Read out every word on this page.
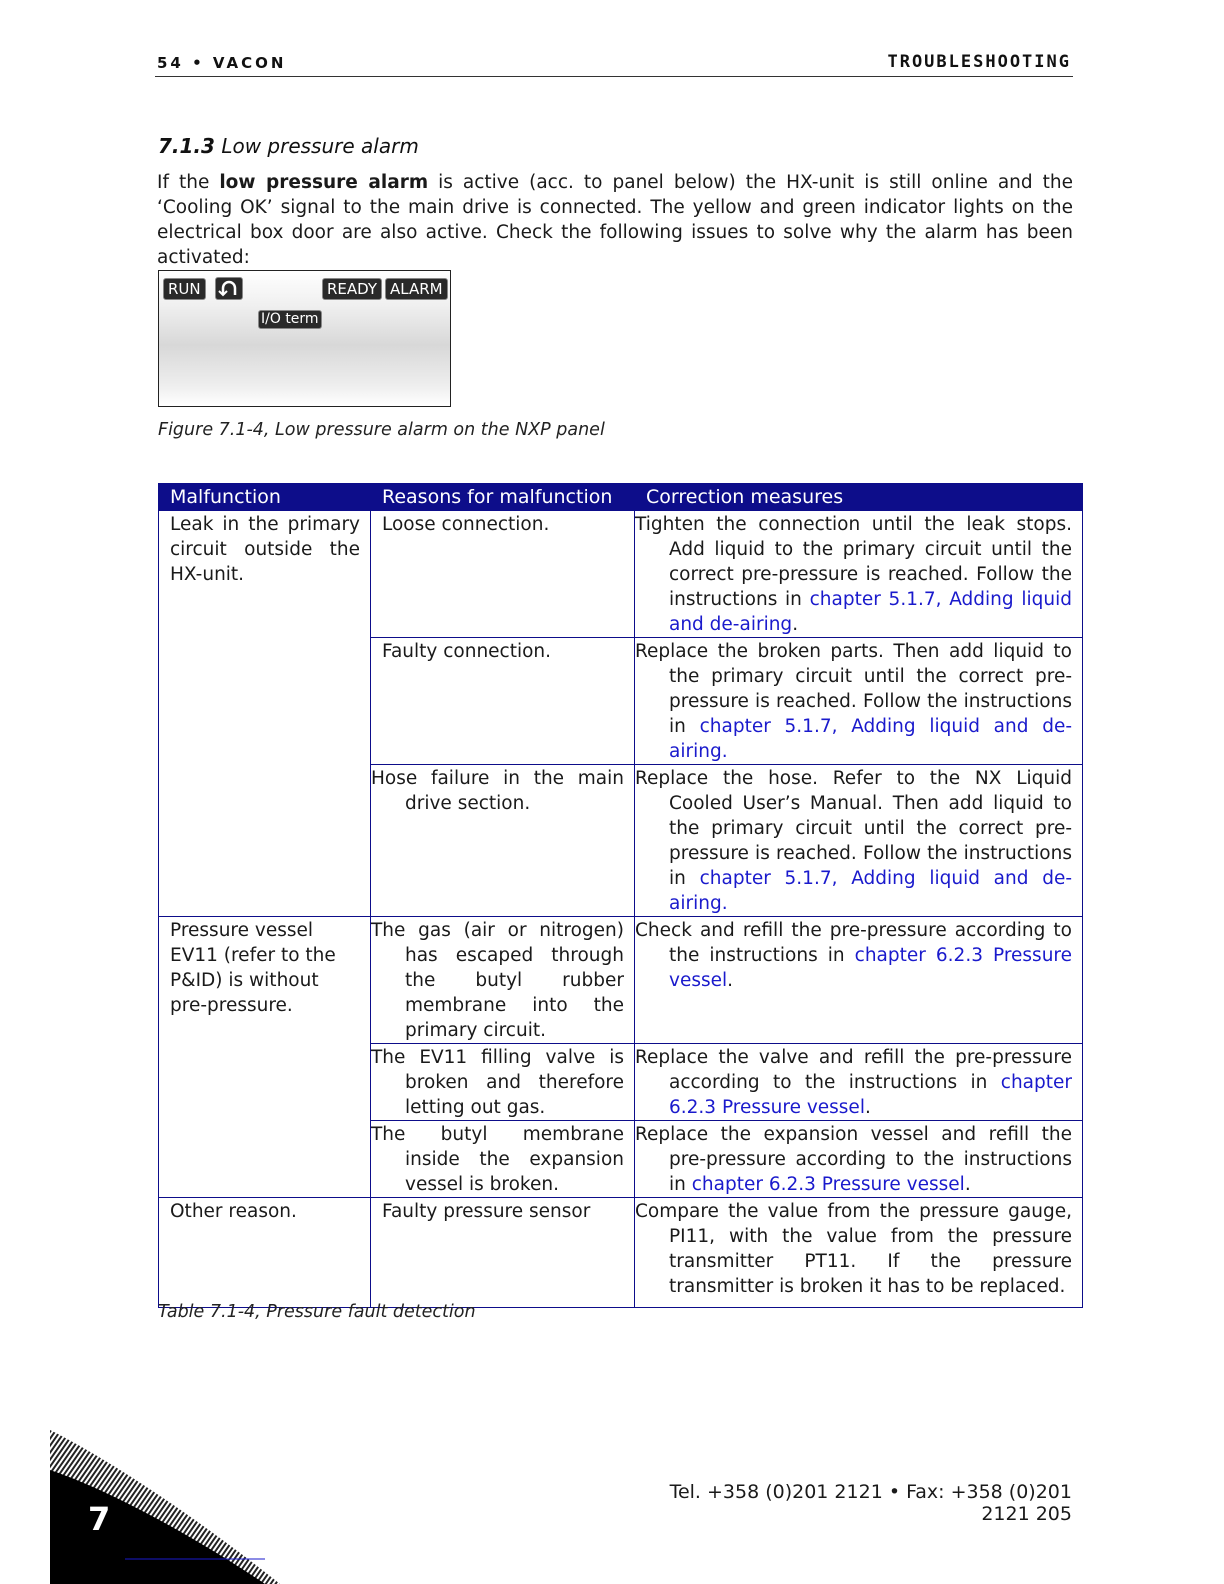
54 • VACON	TROUBLESHOOTING
7.1.3 Low pressure alarm
If the low pressure alarm is active (acc. to panel below) the HX-unit is still online and the ‘Cooling OK’ signal to the main drive is connected. The yellow and green indicator lights on the electrical box door are also active. Check the following issues to solve why the alarm has been activated:
RUN	READY ALARM
I/O term
Figure 7.1-4, Low pressure alarm on the NXP panel
Malfunction	Reasons for malfunction	Correction measures
Leak in the primary circuit outside the HX-unit.	Loose connection.	Tighten the connection until the leak stops. Add liquid to the primary circuit until the correct pre-pressure is reached. Follow the instructions in chapter 5.1.7, Adding liquid and de-airing.
	Faulty connection.	Replace the broken parts. Then add liquid to the primary circuit until the correct pre-pressure is reached. Follow the instructions in chapter 5.1.7, Adding liquid and de-airing.
	Hose failure in the main drive section.	Replace the hose. Refer to the NX Liquid Cooled User’s Manual. Then add liquid to the primary circuit until the correct pre-pressure is reached. Follow the instructions in chapter 5.1.7, Adding liquid and de-airing.
Pressure vessel EV11 (refer to the P&ID) is without pre-pressure.	The gas (air or nitrogen) has escaped through the butyl rubber membrane into the primary circuit.	Check and refill the pre-pressure according to the instructions in chapter 6.2.3 Pressure vessel.
	The EV11 filling valve is broken and therefore letting out gas.	Replace the valve and refill the pre-pressure according to the instructions in chapter 6.2.3 Pressure vessel.
	The butyl membrane inside the expansion vessel is broken.	Replace the expansion vessel and refill the pre-pressure according to the instructions in chapter 6.2.3 Pressure vessel.
Other reason.	Faulty pressure sensor	Compare the value from the pressure gauge, PI11, with the value from the pressure transmitter PT11. If the pressure transmitter is broken it has to be replaced.
Table 7.1-4, Pressure fault detection
7
Tel. +358 (0)201 2121 • Fax: +358 (0)201 2121 205
